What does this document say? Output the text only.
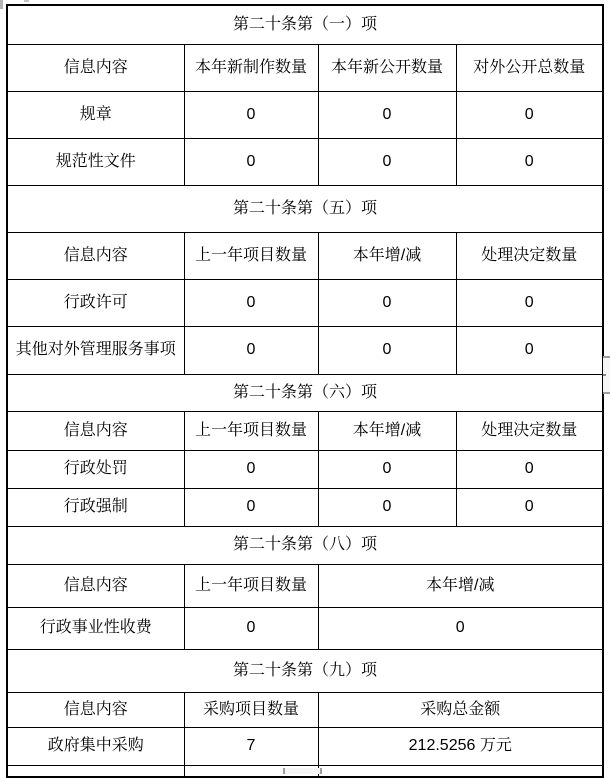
第二十条第（一）项			
信息内容	本年新制作数量	本年新公开数量	对外公开总数量
规章	0	0	0
规范性文件	0	0	0
第二十条第（五）项			
信息内容	上一年项目数量	本年增/减	处理决定数量
行政许可	0	0	0
其他对外管理服务事项	0	0	0
第二十条第（六）项			
信息内容	上一年项目数量	本年增/减	处理决定数量
行政处罚	0	0	0
行政强制	0	0	0
第二十条第（八）项			
信息内容	上一年项目数量	本年增/减	
行政事业性收费	0	0	
第二十条第（九）项			
信息内容	采购项目数量	采购总金额	
政府集中采购	7	212.5256 万元	
